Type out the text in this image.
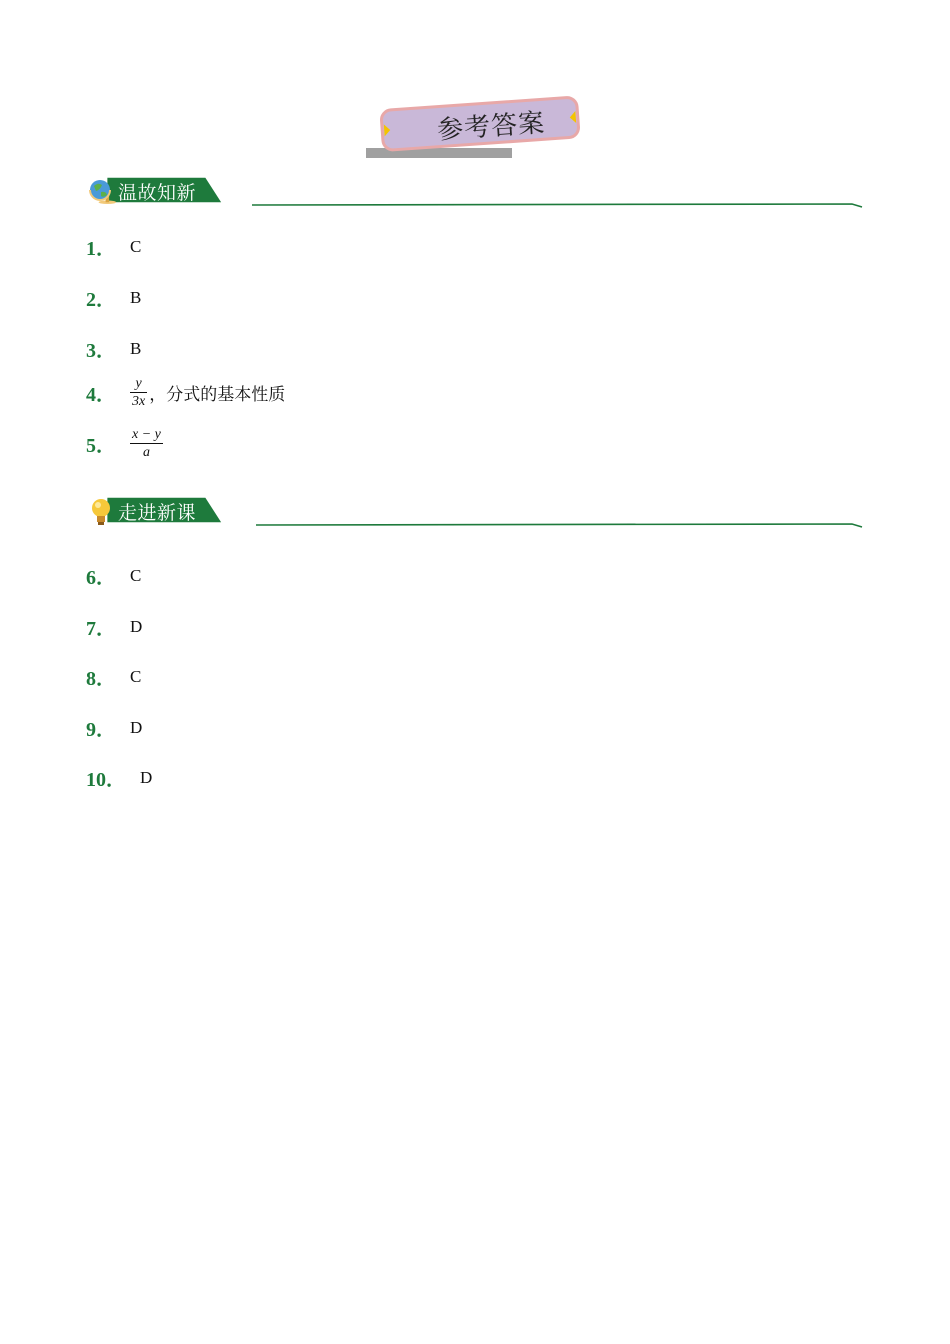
参考答案
温故知新
1． C
2． B
3． B
4． $\frac{y}{3x}$ ，分式的基本性质
5． $\frac{x - y}{a}$
走进新课
6． C
7． D
8． C
9． D
10． D
